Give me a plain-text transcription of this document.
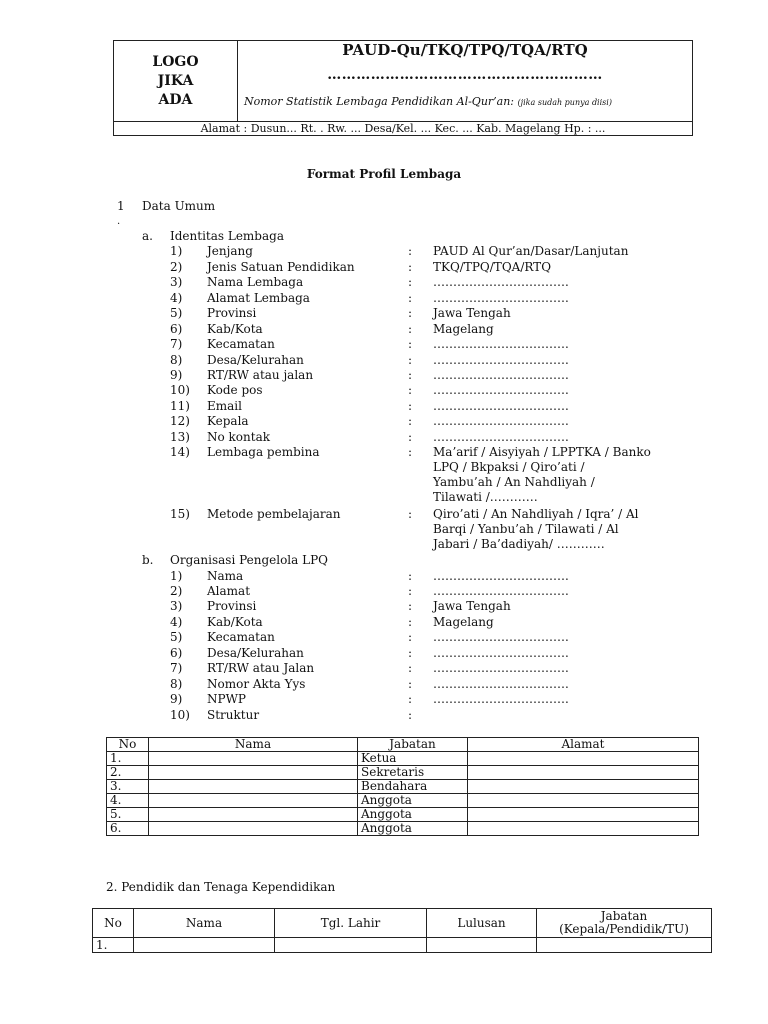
LOGO
JIKA
ADA
PAUD-Qu/TKQ/TPQ/TQA/RTQ
…………………………………………………
Nomor Statistik Lembaga Pendidikan Al-Qur’an: (jika sudah punya diisi)
Alamat : Dusun... Rt. . Rw. ... Desa/Kel. ... Kec. ... Kab. Magelang Hp. : ...
Format Profil Lembaga
1
.
Data Umum
a. Identitas Lembaga
1) Jenjang	: PAUD Al Qur’an/Dasar/Lanjutan
2) Jenis Satuan Pendidikan	: TKQ/TPQ/TQA/RTQ
3) Nama Lembaga	: …………………………….
4) Alamat Lembaga	: …………………………….
5) Provinsi	: Jawa Tengah
6) Kab/Kota	: Magelang
7) Kecamatan	: …………………………….
8) Desa/Kelurahan	: …………………………….
9) RT/RW atau jalan	: …………………………….
10) Kode pos	: …………………………….
11) Email	: …………………………….
12) Kepala	: …………………………….
13) No kontak	: …………………………….
14) Lembaga pembina	: Ma’arif / Aisyiyah / LPPTKA / Banko
LPQ / Bkpaksi / Qiro’ati /
Yambu’ah / An Nahdliyah /
Tilawati /…………
15) Metode pembelajaran	: Qiro’ati / An Nahdliyah / Iqra’ / Al
Barqi / Yanbu’ah / Tilawati / Al
Jabari / Ba’dadiyah/ …………
b. Organisasi Pengelola LPQ
1) Nama	: …………………………….
2) Alamat	: …………………………….
3) Provinsi	: Jawa Tengah
4) Kab/Kota	: Magelang
5) Kecamatan	: …………………………….
6) Desa/Kelurahan	: …………………………….
7) RT/RW atau Jalan	: …………………………….
8) Nomor Akta Yys	: …………………………….
9) NPWP	: …………………………….
10) Struktur	:
No	Nama	Jabatan	Alamat
1.		Ketua	
2.		Sekretaris	
3.		Bendahara	
4.		Anggota	
5.		Anggota	
6.		Anggota	
2. Pendidik dan Tenaga Kependidikan
No	Nama	Tgl. Lahir	Lulusan	Jabatan
(Kepala/Pendidik/TU)
1.				
